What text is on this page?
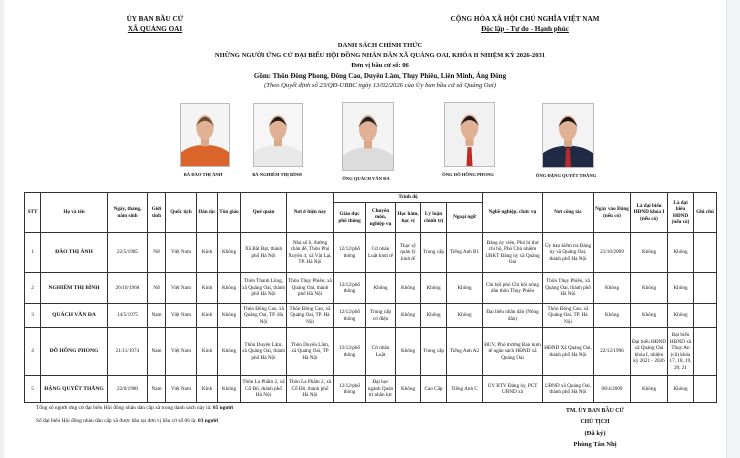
ỦY BAN BẦU CỬ
XÃ QUẢNG OAI
CỘNG HÒA XÃ HỘI CHỦ NGHĨA VIỆT NAM
Độc lập - Tự do - Hạnh phúc
DANH SÁCH CHÍNH THỨC
NHỮNG NGƯỜI ỨNG CỬ ĐẠI BIỂU HỘI ĐỒNG NHÂN DÂN XÃ QUẢNG OAI, KHÓA II NHIỆM KỲ 2026-2031
Đơn vị bầu cử số: 06
Gồm: Thôn Đông Phong, Đông Cao, Duyên Lâm, Thụy Phiêu, Liên Minh, Áng Đông
(Theo Quyết định số 23/QĐ-UBBC ngày 13/02/2026 của Ủy ban bầu cử xã Quảng Oai)
BÀ ĐÀO THỊ ÁNH	BÀ NGHIÊM THỊ BÌNH
ÔNG QUÁCH VĂN ĐA
ÔNG ĐỖ HỒNG PHONG	ÔNG ĐẶNG QUYẾT THẮNG
STT	Họ và tên	Ngày, tháng, năm sinh	Giới tính	Quốc tịch	Dân tộc	Tôn giáo	Quê quán	Nơi ở hiện nay	Trình độ					Nghề nghiệp, chức vụ	Nơi công tác	Ngày vào Đảng (nếu có)	Là đại biểu HĐND khóa I (nếu có)	Là đại biểu HĐND (nếu có)	Ghi chú
									Giáo dục phổ thông	Chuyên môn, nghiệp vụ	Học hàm, học vị	Lý luận chính trị	Ngoại ngữ						
1	ĐÀO THỊ ÁNH	22/5/1985	Nữ	Việt Nam	Kinh	Không	Xã Bắt Bạt, thành phố Hà Nội	Nhà số 6, đường chân đê, Thôn Phú Xuyên 4, xã Vật Lại, TP. Hà Nội	12/12/phổ thông	Cử nhân Luật kinh tế	Thạc sỹ quản lý kinh tế	Trung cấp	Tiếng Anh B1	Đảng ủy viên, Phó bí thư chi bộ, Phó Chủ nhiệm UBKT Đảng ủy xã Quảng Oai	Ủy ban kiểm tra Đảng ủy xã Quảng Oai, thành phố Hà Nội	21/10/2009	Không	Không	
2	NGHIÊM THỊ BÌNH	26/10/1968	Nữ	Việt Nam	Kinh	Không	Thôn Thanh Lũng, xã Quảng Oai, thành phố Hà Nội	Thôn Thụy Phiêu, xã Quảng Oai, thành phố Hà Nội	12/12/phổ thông	Không	Không	Không	Không	Chi hội phó Chi hội nông dân thôn Thụy Phiêu	Thôn Thụy Phiêu, xã Quảng Oai, thành phố Hà Nội	Không	Không	Không	
3	QUÁCH VĂN ĐA	14/5/1975	Nam	Việt Nam	Kinh	Không	Thôn Đông Cao, xã Quảng Oai, TP. Hà Nội	Thôn Đông Cao, xã Quảng Oai, TP. Hà Nội	12/12/phổ thông	Trung cấp cơ điện	Không	Không	Không	Đại biểu nhân dân (Nông dân)	Thôn Đông Cao, xã Quảng Oai, TP. Hà Nội	Không	Không	Không	
4	ĐỖ HỒNG PHONG	21/11/1974	Nam	Việt Nam	Kinh	Không	Thôn Duyên Lâm, xã Quảng Oai, thành phố Hà Nội	Thôn Duyên Lâm, xã Quảng Oai, TP Hà Nội	12/12/phổ thông	Cử nhân Luật	Không	Trung cấp	Tiếng Anh A2	ĐUV, Phó trưởng Ban kinh tế ngân sách HĐND xã Quảng Oai	HĐND Xã Quảng Oai, thành phố Hà Nội	22/12/1996	Đại biểu HĐND xã Quảng Oai khóa I, nhiệm kỳ 2021 - 2026	Đại biểu HĐND xã Thụy An (cũ) khóa 17, 18, 19, 20, 21	
5	ĐẶNG QUYẾT THẮNG	22/6/1980	Nam	Việt Nam	Kinh	Không	Thôn La Phẩm 2, xã Cổ Đô, thành phố Hà Nội	Thôn La Phẩm 2, xã Cổ Đô, thành phố Hà Nội	12/12/phổ thông	Đại học ngành Quản trị nhân lực	Không	Cao Cấp	Tiếng Anh C	UV BTV Đảng ủy, PCT UBND xã	UBND xã Quảng Oai, thành phố Hà Nội	08/4/2009	Không	Không	
Tổng số người ứng cử đại biểu Hội đồng nhân dân cấp xã trong danh sách này là: 05 người
Số đại biểu Hội đồng nhân dân cấp xã được bầu tại đơn vị bầu cử số 06 là: 03 người
TM. ỦY BAN BẦU CỬ
CHỦ TỊCH
(Đã ký)
Phùng Tân Nhị
